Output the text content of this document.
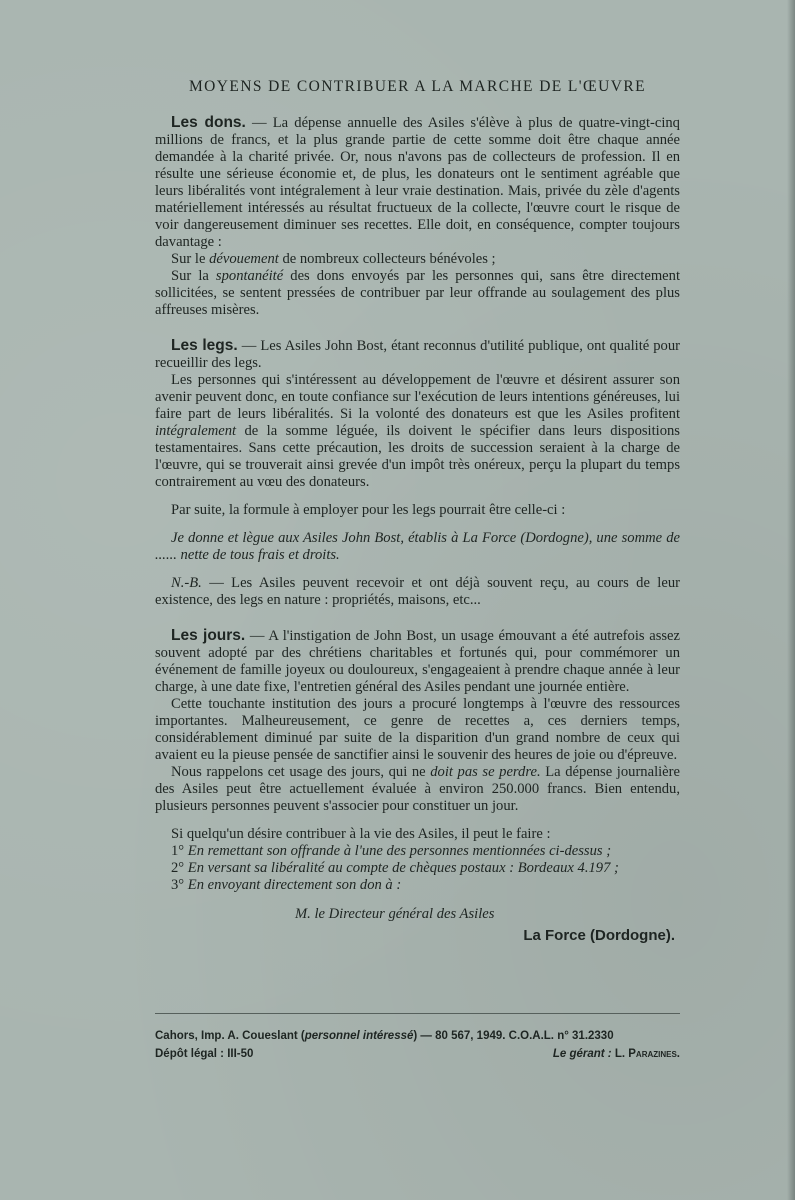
MOYENS DE CONTRIBUER A LA MARCHE DE L'ŒUVRE

Les dons. — La dépense annuelle des Asiles s'élève à plus de quatre-vingt-cinq millions de francs, et la plus grande partie de cette somme doit être chaque année demandée à la charité privée. Or, nous n'avons pas de collecteurs de profession. Il en résulte une sérieuse économie et, de plus, les donateurs ont le sentiment agréable que leurs libéralités vont intégralement à leur vraie destination. Mais, privée du zèle d'agents matériellement intéressés au résultat fructueux de la collecte, l'œuvre court le risque de voir dangereusement diminuer ses recettes. Elle doit, en conséquence, compter toujours davantage :

Sur le dévouement de nombreux collecteurs bénévoles ;

Sur la spontanéité des dons envoyés par les personnes qui, sans être directement sollicitées, se sentent pressées de contribuer par leur offrande au soulagement des plus affreuses misères.

Les legs. — Les Asiles John Bost, étant reconnus d'utilité publique, ont qualité pour recueillir des legs.

Les personnes qui s'intéressent au développement de l'œuvre et désirent assurer son avenir peuvent donc, en toute confiance sur l'exécution de leurs intentions généreuses, lui faire part de leurs libéralités. Si la volonté des donateurs est que les Asiles profitent intégralement de la somme léguée, ils doivent le spécifier dans leurs dispositions testamentaires. Sans cette précaution, les droits de succession seraient à la charge de l'œuvre, qui se trouverait ainsi grevée d'un impôt très onéreux, perçu la plupart du temps contrairement au vœu des donateurs.

Par suite, la formule à employer pour les legs pourrait être celle-ci :

Je donne et lègue aux Asiles John Bost, établis à La Force (Dordogne), une somme de ...... nette de tous frais et droits.

N.-B. — Les Asiles peuvent recevoir et ont déjà souvent reçu, au cours de leur existence, des legs en nature : propriétés, maisons, etc...

Les jours. — A l'instigation de John Bost, un usage émouvant a été autrefois assez souvent adopté par des chrétiens charitables et fortunés qui, pour commémorer un événement de famille joyeux ou douloureux, s'engageaient à prendre chaque année à leur charge, à une date fixe, l'entretien général des Asiles pendant une journée entière.

Cette touchante institution des jours a procuré longtemps à l'œuvre des ressources importantes. Malheureusement, ce genre de recettes a, ces derniers temps, considérablement diminué par suite de la disparition d'un grand nombre de ceux qui avaient eu la pieuse pensée de sanctifier ainsi le souvenir des heures de joie ou d'épreuve.

Nous rappelons cet usage des jours, qui ne doit pas se perdre. La dépense journalière des Asiles peut être actuellement évaluée à environ 250.000 francs. Bien entendu, plusieurs personnes peuvent s'associer pour constituer un jour.

Si quelqu'un désire contribuer à la vie des Asiles, il peut le faire :

1° En remettant son offrande à l'une des personnes mentionnées ci-dessus ;

2° En versant sa libéralité au compte de chèques postaux : Bordeaux 4.197 ;

3° En envoyant directement son don à :

M. le Directeur général des Asiles

La Force (Dordogne).

Cahors, Imp. A. Coueslant (personnel intéressé) — 80 567, 1949. C.O.A.L. n° 31.2330
Dépôt légal : III-50	Le gérant : L. Parazines.
